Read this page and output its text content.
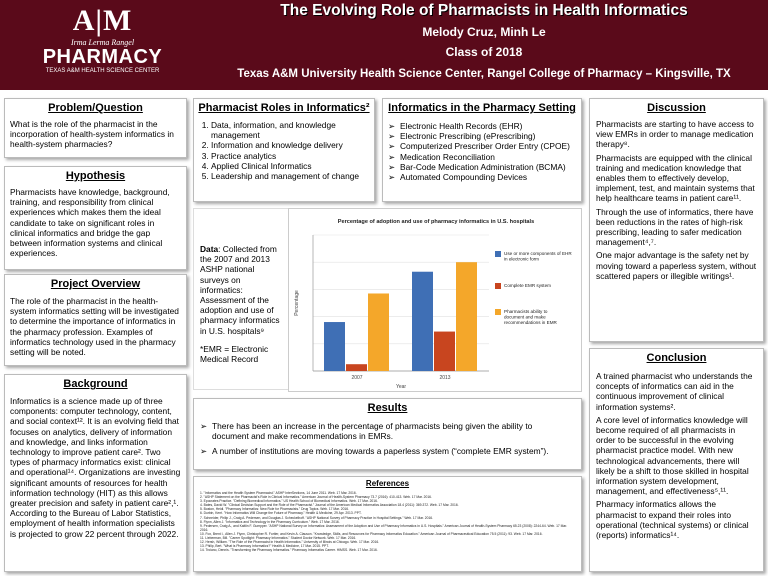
A|M
Irma Lerma Rangel
PHARMACY
TEXAS A&M HEALTH SCIENCE CENTER
The Evolving Role of Pharmacists in Health Informatics
Melody Cruz, Minh Le
Class of 2018
Texas A&M University Health Science Center, Rangel College of Pharmacy – Kingsville, TX
Problem/Question
What is the role of the pharmacist in the incorporation of health-system informatics in health-system pharmacies?
Hypothesis
Pharmacists have knowledge, background, training, and responsibility from clinical experiences which makes them the ideal candidate to take on significant roles in clinical informatics and bridge the gap between information systems and clinical experiences.
Project Overview
The role of the pharmacist in the health-system informatics setting will be investigated to determine the importance of informatics in the pharmacy profession. Examples of informatics technology used in the pharmacy setting will be noted.
Background
Informatics is a science made up of three components: computer technology, content, and social context¹². It is an evolving field that focuses on analytics, delivery of information and knowledge, and links information technology to improve patient care². Two types of pharmacy informatics exist: clinical and operational¹⁴. Organizations are investing significant amounts of resources for health information technology (HIT) as this allows greater precision and safety in patient care²,¹. According to the Bureau of Labor Statistics, employment of health information specialists is projected to grow 22 percent through 2022.
Pharmacist Roles in Informatics²
1. Data, information, and knowledge management
2. Information and knowledge delivery
3. Practice analytics
4. Applied Clinical Informatics
5. Leadership and management of change
Informatics in the Pharmacy Setting
➢ Electronic Health Records (EHR)
➢ Electronic Prescribing (ePrescribing)
➢ Computerized Prescriber Order Entry (CPOE)
➢ Medication Reconciliation
➢ Bar-Code Medication Administration (BCMA)
➢ Automated Compounding Devices
Data: Collected from the 2007 and 2013 ASHP national surveys on informatics: Assessment of the adoption and use of pharmacy informatics in U.S. hospitals⁹
*EMR = Electronic Medical Record
Percentage of adoption and use of pharmacy informatics in U.S. hospitals
Percentage
2007	2013
Year
Use or more components of EHR in electronic form
Complete EMR system
Pharmacists ability to document and make recommendations in EMR
Results
➢ There has been an increase in the percentage of pharmacists being given the ability to document and make recommendations in EMRs.
➢ A number of institutions are moving towards a paperless system (“complete EMR system”).
References
1. "Informatics and the Health System Pharmacist." ASHP InterSections, 14 June 2011. Web. 17 Mar. 2016.
2. "ASHP Statement on the Pharmacist's Role in Clinical Informatics." American Journal of Health-System Pharmacy 73.7 (2016): 410-413. Web. 17 Mar. 2016.
3. Epocrates Practice. "Defining Biomedical Informatics." US Health School of Biomedical Informatics. Web. 17 Mar. 2016.
4. Bates, David W. "Clinical Decision Support and the Role of the Pharmacist." Journal of the American Medical Informatics Association 18.4 (2011): 369-372. Web. 17 Mar. 2016.
5. Boston, Heidi. "Pharmacy Informatics: New Role for Pharmacists." Drug Topics. Web. 17 Mar. 2016.
6. Durbin, Kerri. "How Informatics Will Change the Future of Pharmacy." Health & Medicine, 29 Apr. 2013. PPT.
7. Schneider, Philip J., Craig A. Pedersen, and Douglas J. Scheckelhoff. "ASHP National Survey of Pharmacy Practice in Hospital Settings." Web. 17 Mar. 2016.
8. Flynn, Allen J. "Informatics and Technology in the Pharmacy Curriculum." Web. 17 Mar. 2016.
9. Pedersen, Craig A., and Kaitlin F. Gumpper. "ASHP National Survey on Informatics: Assessment of the Adoption and Use of Pharmacy Informatics in U.S. Hospitals." American Journal of Health-System Pharmacy 65.23 (2008): 2244-64. Web. 17 Mar. 2016.
10. Fox, Brent I., Allen J. Flynn, Christopher R. Fortier, and Kevin A. Clauson. "Knowledge, Skills, and Resources for Pharmacy Informatics Education." American Journal of Pharmaceutical Education 75.5 (2011): 93. Web. 17 Mar. 2016.
11. Lieberman, Bill. "Career Spotlight: Pharmacy Informatics." Student Doctor Network. Web. 17 Mar. 2016.
12. Hersh, William. "The Role of the Pharmacist in Health Informatics." University of Illinois at Chicago. Web. 17 Mar. 2016.
13. Philip, Bert. "What is Pharmacy Informatics?" Health & Medicine, 17 Mar. 2015. PPT.
14. Troiano, Dennis. "Transforming the Pharmacy Informatics." Pharmacy Informatics Career. HIMSS. Web. 17 Mar. 2016.
Discussion

Pharmacists are starting to have access to view EMRs in order to manage medication therapy⁸.

Pharmacists are equipped with the clinical training and medication knowledge that enables them to effectively develop, implement, test, and maintain systems that help healthcare teams in patient care¹¹.

Through the use of informatics, there have been reductions in the rates of high-risk prescribing, leading to safer medication management⁴,⁷.

One major advantage is the safety net by moving toward a paperless system, without scattered papers or illegible writings¹.

Conclusion

A trained pharmacist who understands the concepts of informatics can aid in the continuous improvement of clinical information systems².

A core level of informatics knowledge will become required of all pharmacists in order to be successful in the evolving pharmacist practice model. With new technological advancements, there will likely be a shift to those skilled in hospital information system development, management, and effectiveness⁵,¹¹.

Pharmacy informatics allows the pharmacist to expand their roles into operational (technical systems) or clinical (reports) informatics¹⁴.
